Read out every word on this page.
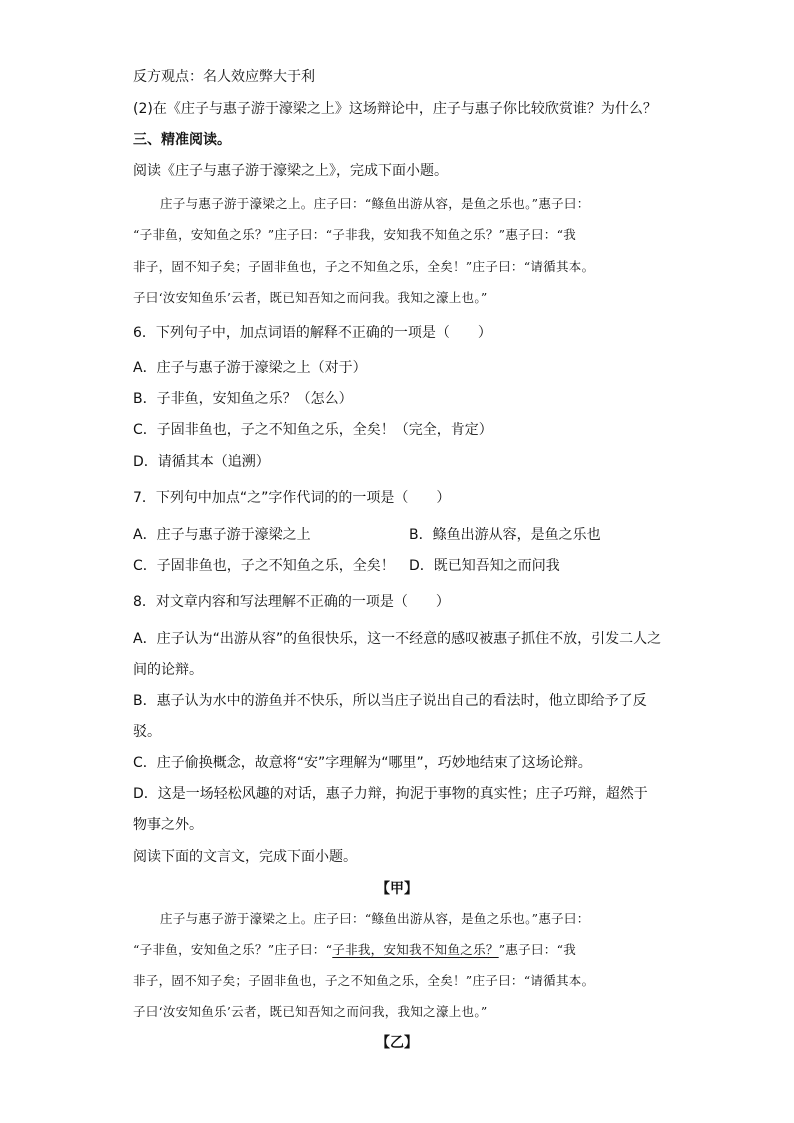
反方观点：名人效应弊大于利
(2)在《庄子与惠子游于濠梁之上》这场辩论中，庄子与惠子你比较欣赏谁？为什么？
三、精准阅读。
阅读《庄子与惠子游于濠梁之上》，完成下面小题。
庄子与惠子游于濠梁之上。庄子曰：“鲦鱼出游从容，是鱼之乐也。”惠子曰：
“子非鱼，安知鱼之乐？”庄子曰：“子非我，安知我不知鱼之乐？”惠子曰：“我
非子，固不知子矣；子固非鱼也，子之不知鱼之乐，全矣！”庄子曰：“请循其本。
子曰‘汝安知鱼乐’云者，既已知吾知之而问我。我知之濠上也。”
6．下列句子中，加点词语的解释不正确的一项是（　　）
A．庄子与惠子游于濠梁之上（对于）
B．子非鱼，安知鱼之乐？（怎么）
C．子固非鱼也，子之不知鱼之乐，全矣！（完全，肯定）
D．请循其本（追溯）
7．下列句中加点“之”字作代词的的一项是（　　）
A．庄子与惠子游于濠梁之上	B．鲦鱼出游从容，是鱼之乐也
C．子固非鱼也，子之不知鱼之乐，全矣！ D．既已知吾知之而问我
8．对文章内容和写法理解不正确的一项是（　　）
A．庄子认为“出游从容”的鱼很快乐，这一不经意的感叹被惠子抓住不放，引发二人之
间的论辩。
B．惠子认为水中的游鱼并不快乐，所以当庄子说出自己的看法时，他立即给予了反
驳。
C．庄子偷换概念，故意将“安”字理解为“哪里”，巧妙地结束了这场论辩。
D．这是一场轻松风趣的对话，惠子力辩，拘泥于事物的真实性；庄子巧辩，超然于
物事之外。
阅读下面的文言文，完成下面小题。
【甲】
庄子与惠子游于濠梁之上。庄子曰：“鲦鱼出游从容，是鱼之乐也。”惠子曰：
“子非鱼，安知鱼之乐？”庄子曰：“子非我，安知我不知鱼之乐？”惠子曰：“我
非子，固不知子矣；子固非鱼也，子之不知鱼之乐，全矣！”庄子曰：“请循其本。
子曰‘汝安知鱼乐’云者，既已知吾知之而问我，我知之濠上也。”
【乙】
